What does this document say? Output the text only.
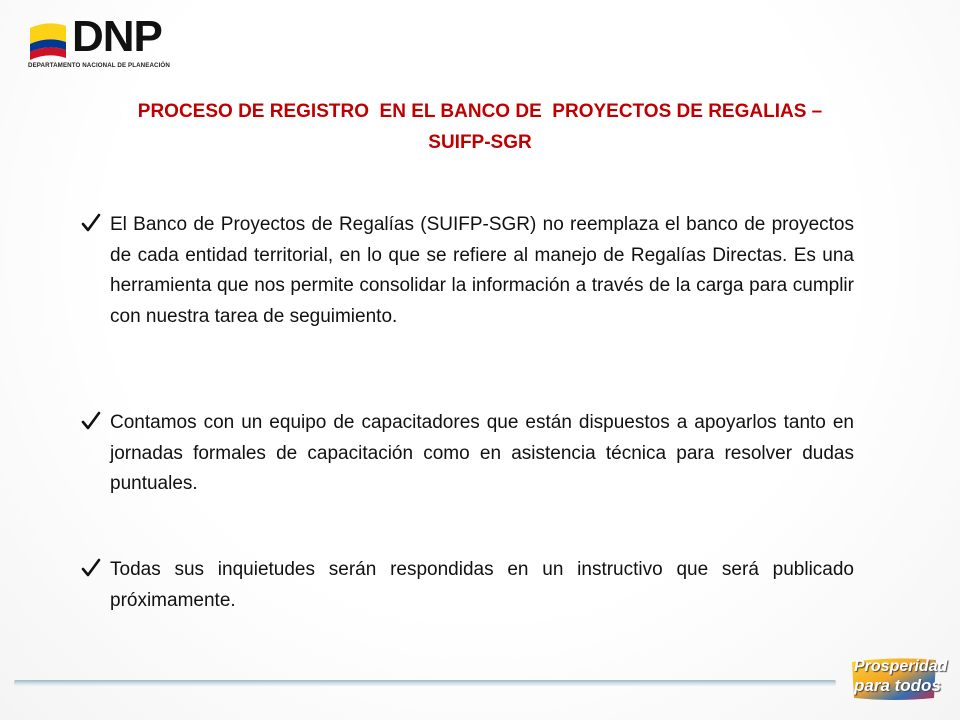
DNP
DEPARTAMENTO NACIONAL DE PLANEACIÓN
PROCESO DE REGISTRO  EN EL BANCO DE  PROYECTOS DE REGALIAS –
SUIFP-SGR
El Banco de Proyectos de Regalías (SUIFP-SGR) no reemplaza el banco de proyectos de cada entidad territorial, en lo que se refiere al manejo de Regalías Directas. Es una herramienta que nos permite consolidar la información a través de la carga para cumplir con nuestra tarea de seguimiento.
Contamos con un equipo de capacitadores que están dispuestos a apoyarlos tanto en jornadas formales de capacitación como en asistencia técnica para resolver dudas puntuales.
Todas sus inquietudes serán respondidas en un instructivo que será publicado próximamente.
Prosperidad
para todos
